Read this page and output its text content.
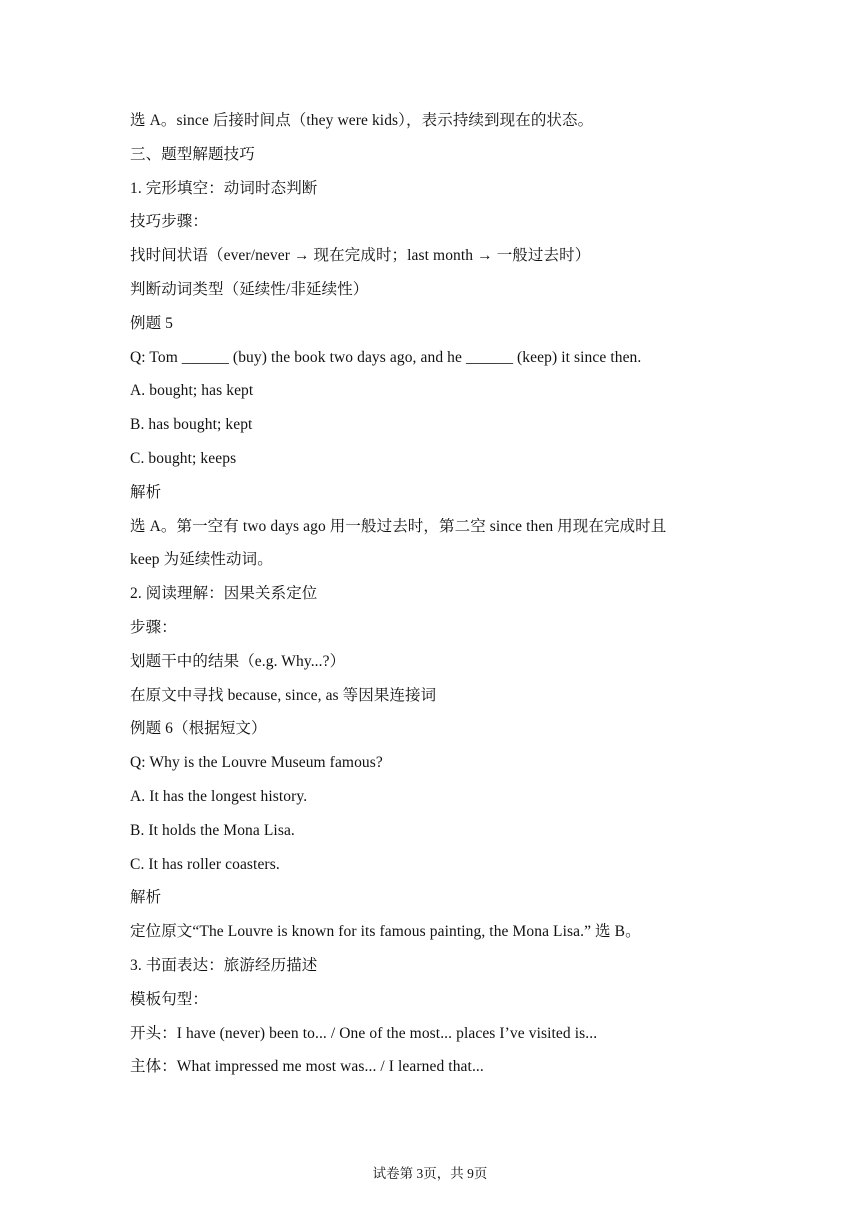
选 A。since 后接时间点（they were kids），表示持续到现在的状态。
三、题型解题技巧
1. 完形填空：动词时态判断
技巧步骤：
找时间状语（ever/never → 现在完成时；last month → 一般过去时）
判断动词类型（延续性/非延续性）
例题 5
Q: Tom ______ (buy) the book two days ago, and he ______ (keep) it since then.
A. bought; has kept
B. has bought; kept
C. bought; keeps
解析
选 A。第一空有 two days ago 用一般过去时，第二空 since then 用现在完成时且
keep 为延续性动词。
2. 阅读理解：因果关系定位
步骤：
划题干中的结果（e.g. Why...?）
在原文中寻找 because, since, as 等因果连接词
例题 6（根据短文）
Q: Why is the Louvre Museum famous?
A. It has the longest history.
B. It holds the Mona Lisa.
C. It has roller coasters.
解析
定位原文“The Louvre is known for its famous painting, the Mona Lisa.” 选 B。
3. 书面表达：旅游经历描述
模板句型：
开头：I have (never) been to... / One of the most... places I’ve visited is...
主体：What impressed me most was... / I learned that...
试卷第 3页，共 9页
